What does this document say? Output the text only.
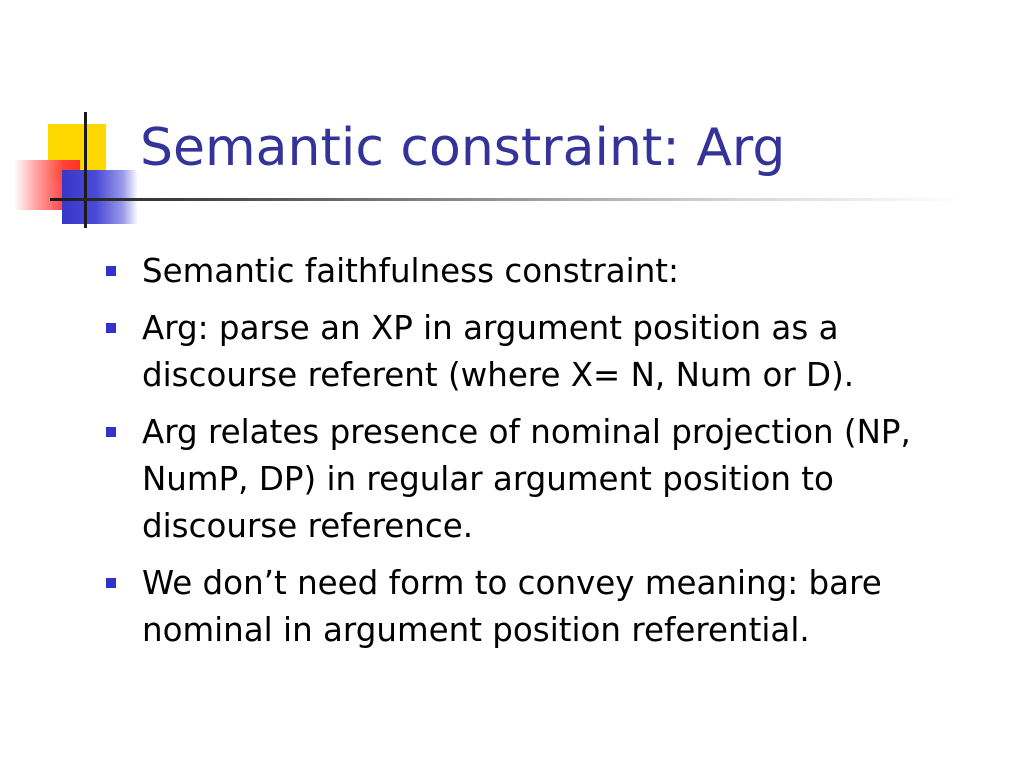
Semantic constraint: Arg
Semantic faithfulness constraint:
Arg: parse an XP in argument position as a discourse referent (where X= N, Num or D).
Arg relates presence of nominal projection (NP, NumP, DP) in regular argument position to discourse reference.
We don’t need form to convey meaning: bare nominal in argument position referential.
